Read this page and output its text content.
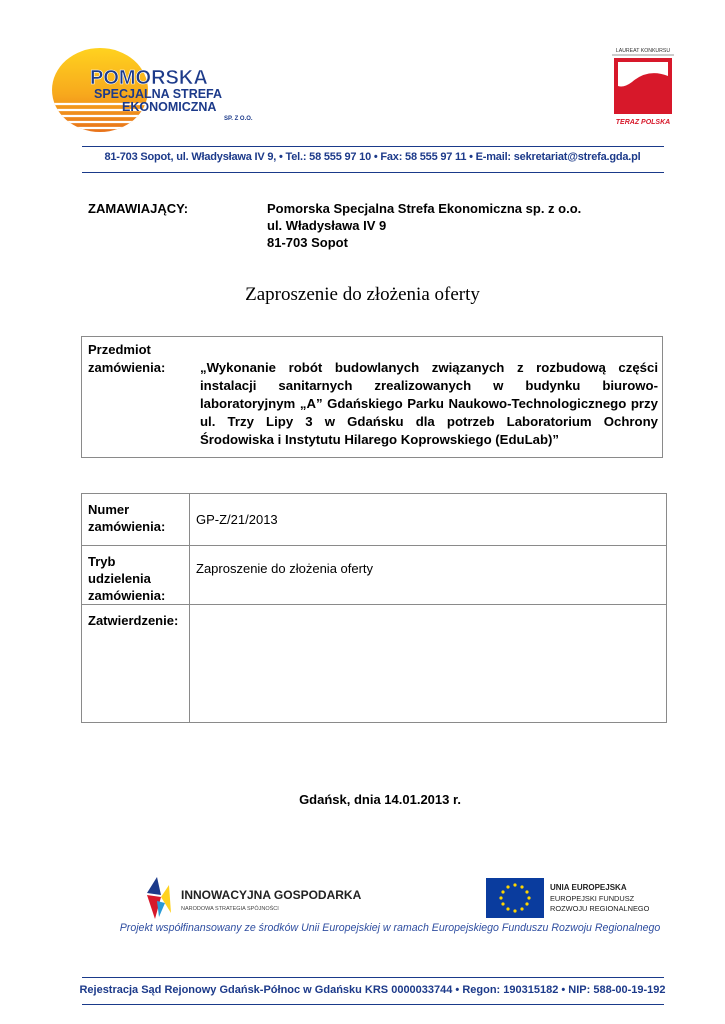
POMORSKA
SPECJALNA STREFA
EKONOMICZNA
SP. Z O.O.
LAUREAT KONKURSU
TERAZ POLSKA
81-703 Sopot, ul. Władysława IV 9, • Tel.: 58 555 97 10 • Fax: 58 555 97 11 • E-mail: sekretariat@strefa.gda.pl
ZAMAWIAJĄCY:	Pomorska Specjalna Strefa Ekonomiczna sp. z o.o.
ul. Władysława IV 9
81-703 Sopot
Zaproszenie do złożenia oferty
Przedmiot
zamówienia:	„Wykonanie robót budowlanych związanych z rozbudową części instalacji sanitarnych zrealizowanych w budynku biurowo-laboratoryjnym „A” Gdańskiego Parku Naukowo-Technologicznego przy ul. Trzy Lipy 3 w Gdańsku dla potrzeb Laboratorium Ochrony Środowiska i Instytutu Hilarego Koprowskiego (EduLab)”
Numer
zamówienia:	GP-Z/21/2013

Tryb
udzielenia
zamówienia:	Zaproszenie do złożenia oferty

Zatwierdzenie:	

Gdańsk, dnia 14.01.2013 r.
INNOWACYJNA GOSPODARKA
NARODOWA STRATEGIA SPÓJNOŚCI
UNIA EUROPEJSKA
EUROPEJSKI FUNDUSZ
ROZWOJU REGIONALNEGO
Projekt współfinansowany ze środków Unii Europejskiej w ramach Europejskiego Funduszu Rozwoju Regionalnego
Rejestracja Sąd Rejonowy Gdańsk-Północ w Gdańsku KRS 0000033744 • Regon: 190315182 • NIP: 588-00-19-192
